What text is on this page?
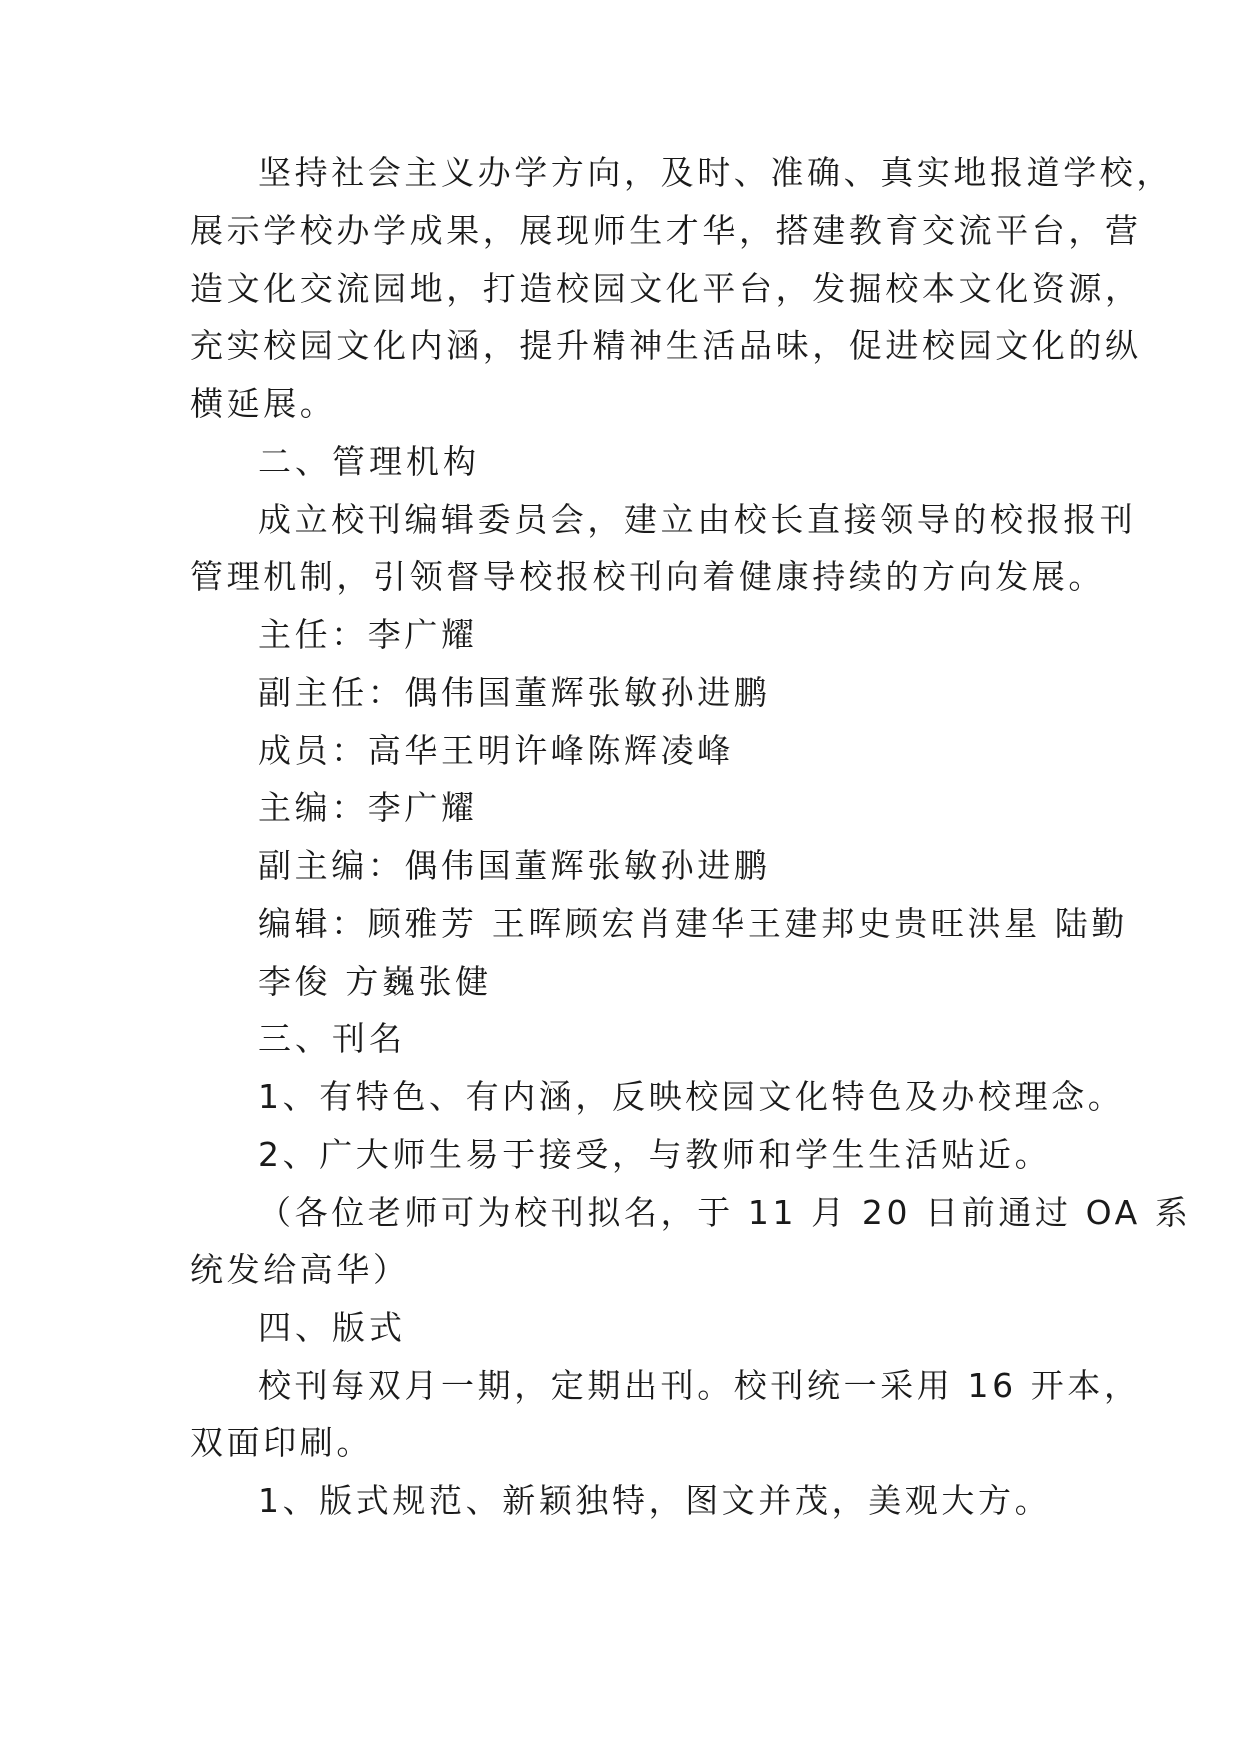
坚持社会主义办学方向，及时、准确、真实地报道学校，
展示学校办学成果，展现师生才华，搭建教育交流平台，营
造文化交流园地，打造校园文化平台，发掘校本文化资源，
充实校园文化内涵，提升精神生活品味，促进校园文化的纵
横延展。
二、管理机构
成立校刊编辑委员会，建立由校长直接领导的校报报刊
管理机制，引领督导校报校刊向着健康持续的方向发展。
主任：李广耀
副主任：偶伟国董辉张敏孙进鹏
成员：高华王明许峰陈辉凌峰
主编：李广耀
副主编：偶伟国董辉张敏孙进鹏
编辑：顾雅芳 王晖顾宏肖建华王建邦史贵旺洪星 陆勤
李俊 方巍张健
三、刊名
1、有特色、有内涵，反映校园文化特色及办校理念。
2、广大师生易于接受，与教师和学生生活贴近。
（各位老师可为校刊拟名，于 11 月 20 日前通过 OA 系
统发给高华）
四、版式
校刊每双月一期，定期出刊。校刊统一采用 16 开本，
双面印刷。
1、版式规范、新颖独特，图文并茂，美观大方。
